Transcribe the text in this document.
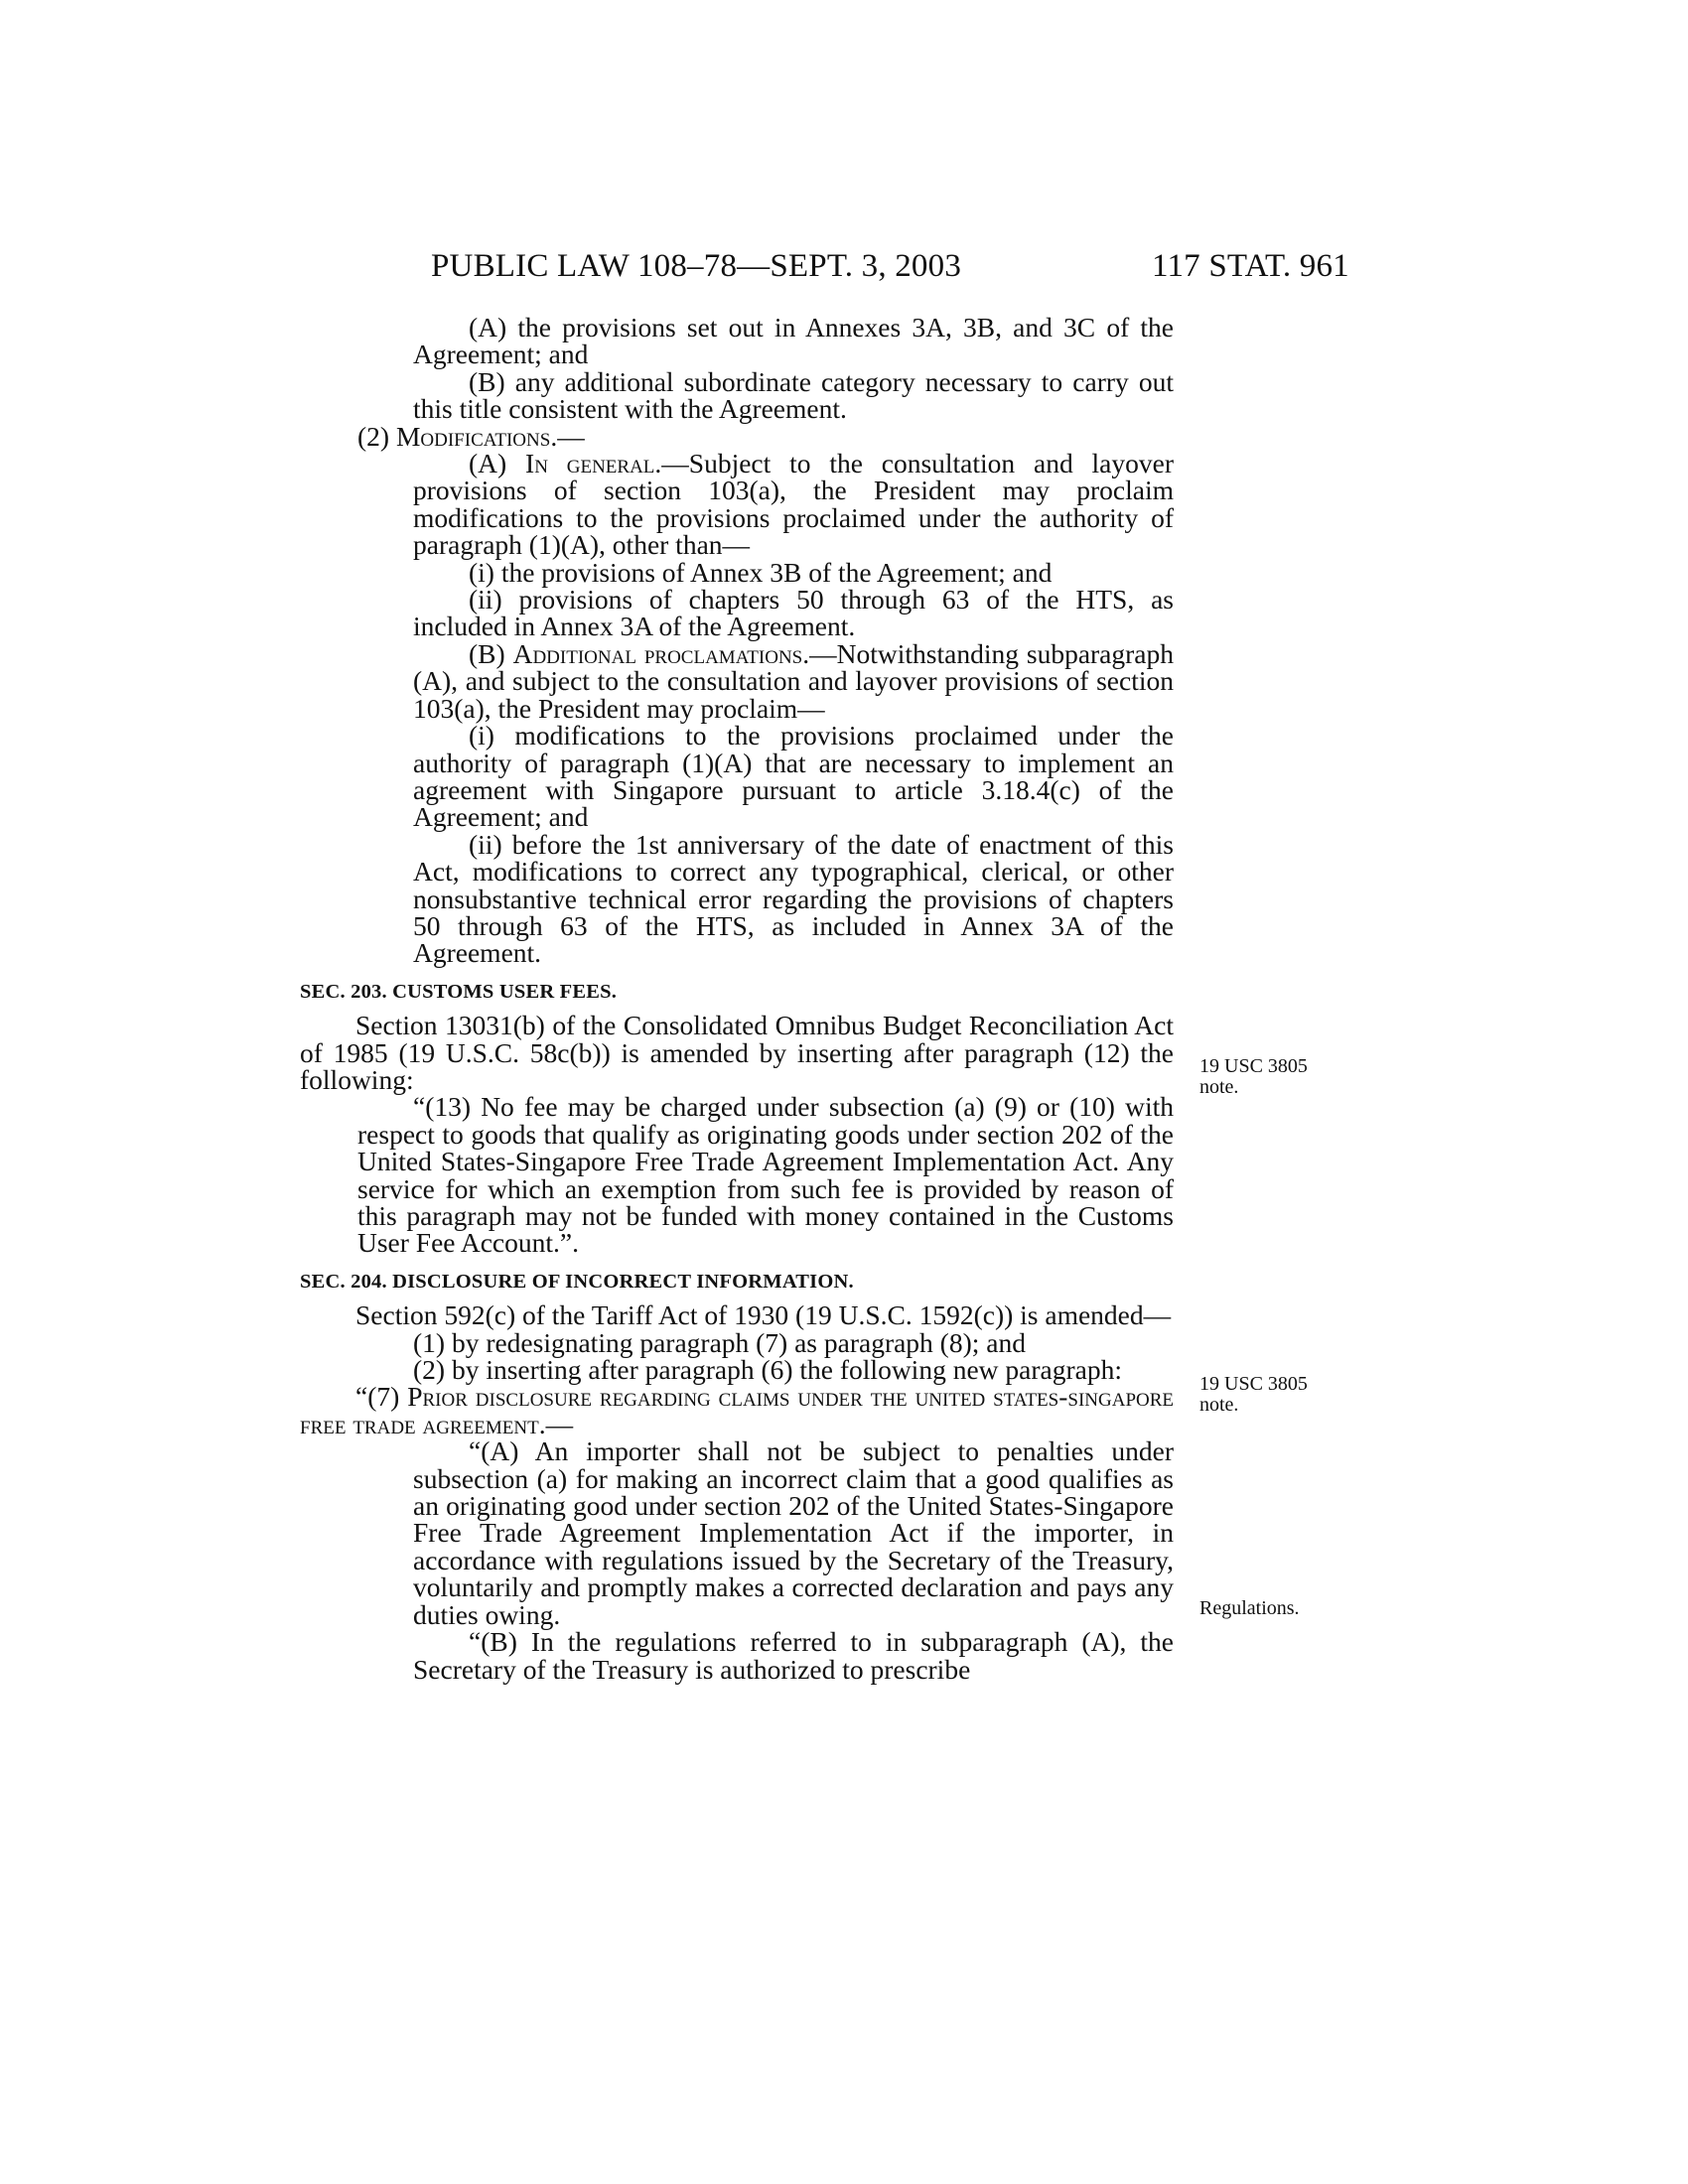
PUBLIC LAW 108–78—SEPT. 3, 2003	117 STAT. 961

(A) the provisions set out in Annexes 3A, 3B, and 3C of the Agreement; and

(B) any additional subordinate category necessary to carry out this title consistent with the Agreement.

(2) Modifications.—

(A) In general.—Subject to the consultation and layover provisions of section 103(a), the President may proclaim modifications to the provisions proclaimed under the authority of paragraph (1)(A), other than—

(i) the provisions of Annex 3B of the Agreement; and

(ii) provisions of chapters 50 through 63 of the HTS, as included in Annex 3A of the Agreement.

(B) Additional proclamations.—Notwithstanding subparagraph (A), and subject to the consultation and layover provisions of section 103(a), the President may proclaim—

(i) modifications to the provisions proclaimed under the authority of paragraph (1)(A) that are necessary to implement an agreement with Singapore pursuant to article 3.18.4(c) of the Agreement; and

(ii) before the 1st anniversary of the date of enactment of this Act, modifications to correct any typographical, clerical, or other nonsubstantive technical error regarding the provisions of chapters 50 through 63 of the HTS, as included in Annex 3A of the Agreement.

SEC. 203. CUSTOMS USER FEES.

Section 13031(b) of the Consolidated Omnibus Budget Reconciliation Act of 1985 (19 U.S.C. 58c(b)) is amended by inserting after paragraph (12) the following:

“(13) No fee may be charged under subsection (a) (9) or (10) with respect to goods that qualify as originating goods under section 202 of the United States-Singapore Free Trade Agreement Implementation Act. Any service for which an exemption from such fee is provided by reason of this paragraph may not be funded with money contained in the Customs User Fee Account.”.

SEC. 204. DISCLOSURE OF INCORRECT INFORMATION.

Section 592(c) of the Tariff Act of 1930 (19 U.S.C. 1592(c)) is amended—

(1) by redesignating paragraph (7) as paragraph (8); and

(2) by inserting after paragraph (6) the following new paragraph:

“(7) Prior disclosure regarding claims under the united states-singapore free trade agreement.—

“(A) An importer shall not be subject to penalties under subsection (a) for making an incorrect claim that a good qualifies as an originating good under section 202 of the United States-Singapore Free Trade Agreement Implementation Act if the importer, in accordance with regulations issued by the Secretary of the Treasury, voluntarily and promptly makes a corrected declaration and pays any duties owing.

“(B) In the regulations referred to in subparagraph (A), the Secretary of the Treasury is authorized to prescribe

19 USC 3805 note.
19 USC 3805 note.
Regulations.
